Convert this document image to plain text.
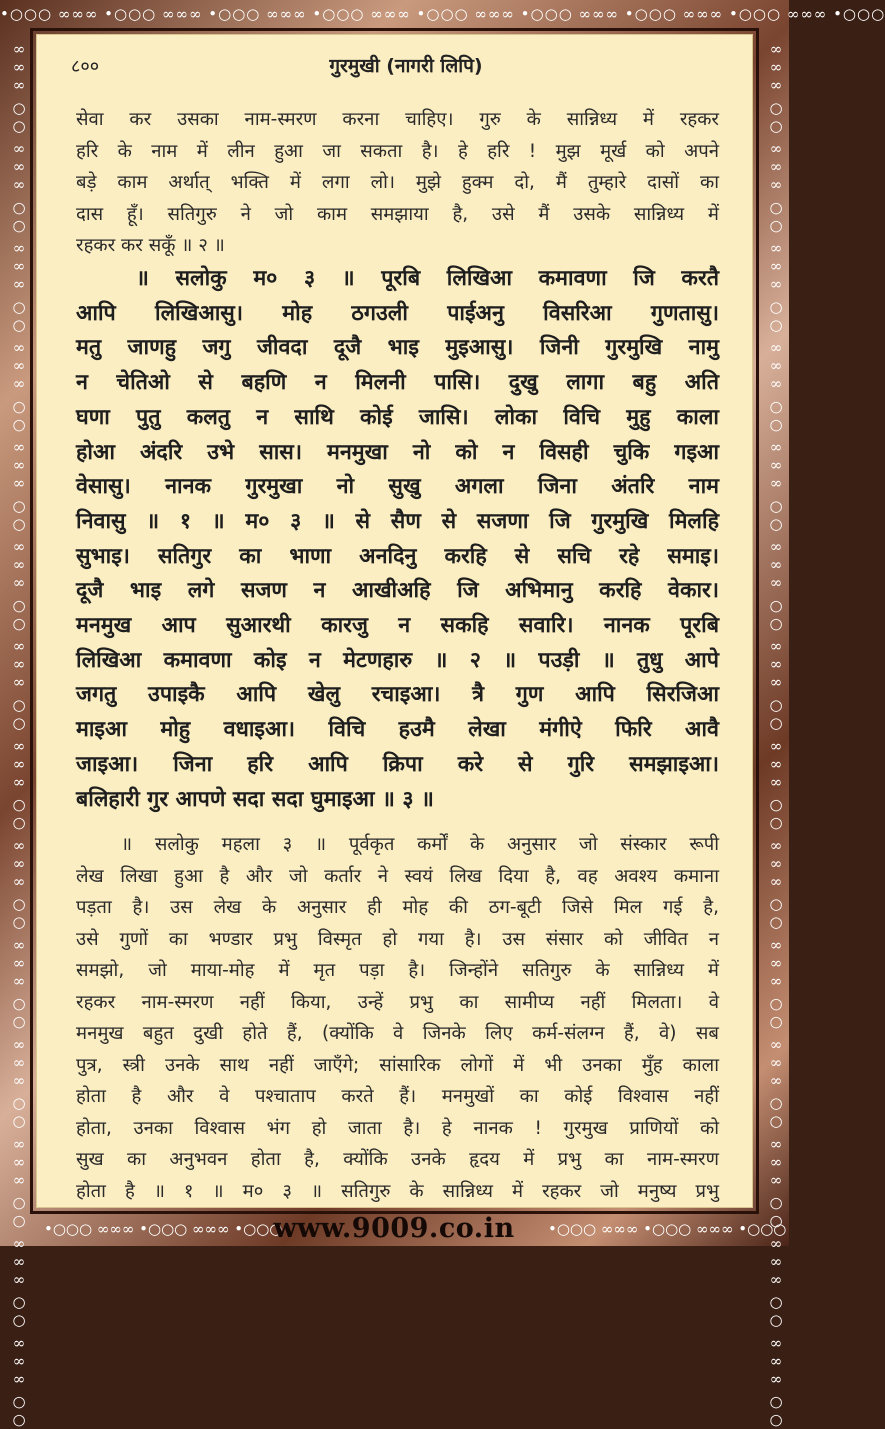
•○○○ ∞∞∞ •○○○ ∞∞∞ •○○○ ∞∞∞ •○○○ ∞∞∞ •○○○ ∞∞∞ •○○○ ∞∞∞ •○○○ ∞∞∞ •○○○ ∞∞∞ •○○○
•○○○ ∞∞∞ •○○○ ∞∞∞ •○○○	•○○○ ∞∞∞ •○○○ ∞∞∞ •○○○
∞∞∞ ○○ ∞∞∞ ○○ ∞∞∞ ○○ ∞∞∞ ○○ ∞∞∞ ○○ ∞∞∞ ○○ ∞∞∞ ○○ ∞∞∞ ○○ ∞∞∞ ○○ ∞∞∞ ○○ ∞∞∞ ○○ ∞∞∞ ○○ ∞∞∞ ○○ ∞∞∞ ○○	∞∞∞ ○○ ∞∞∞ ○○ ∞∞∞ ○○ ∞∞∞ ○○ ∞∞∞ ○○ ∞∞∞ ○○ ∞∞∞ ○○ ∞∞∞ ○○ ∞∞∞ ○○ ∞∞∞ ○○ ∞∞∞ ○○ ∞∞∞ ○○ ∞∞∞ ○○ ∞∞∞ ○○
८००	गुरमुखी (नागरी लिपि)
सेवा कर उसका नाम-स्मरण करना चाहिए। गुरु के सान्निध्य में रहकर
हरि के नाम में लीन हुआ जा सकता है। हे हरि ! मुझ मूर्ख को अपने
बड़े काम अर्थात् भक्ति में लगा लो। मुझे हुक्म दो, मैं तुम्हारे दासों का
दास हूँ। सतिगुरु ने जो काम समझाया है, उसे मैं उसके सान्निध्य में
रहकर कर सकूँ ॥ २ ॥
॥ सलोकु म० ३ ॥ पूरबि लिखिआ कमावणा जि करतै
आपि लिखिआसु। मोह ठगउली पाईअनु विसरिआ गुणतासु।
मतु जाणहु जगु जीवदा दूजै भाइ मुइआसु। जिनी गुरमुखि नामु
न चेतिओ से बहणि न मिलनी पासि। दुखु लागा बहु अति
घणा पुतु कलतु न साथि कोई जासि। लोका विचि मुहु काला
होआ अंदरि उभे सास। मनमुखा नो को न विसही चुकि गइआ
वेसासु। नानक गुरमुखा नो सुखु अगला जिना अंतरि नाम
निवासु ॥ १ ॥ म० ३ ॥ से सैण से सजणा जि गुरमुखि मिलहि
सुभाइ। सतिगुर का भाणा अनदिनु करहि से सचि रहे समाइ।
दूजै भाइ लगे सजण न आखीअहि जि अभिमानु करहि वेकार।
मनमुख आप सुआरथी कारजु न सकहि सवारि। नानक पूरबि
लिखिआ कमावणा कोइ न मेटणहारु ॥ २ ॥ पउड़ी ॥ तुधु आपे
जगतु उपाइकै आपि खेलु रचाइआ। त्रै गुण आपि सिरजिआ
माइआ मोहु वधाइआ। विचि हउमै लेखा मंगीऐ फिरि आवै
जाइआ। जिना हरि आपि क्रिपा करे से गुरि समझाइआ।
बलिहारी गुर आपणे सदा सदा घुमाइआ ॥ ३ ॥
॥ सलोकु महला ३ ॥ पूर्वकृत कर्मों के अनुसार जो संस्कार रूपी
लेख लिखा हुआ है और जो कर्तार ने स्वयं लिख दिया है, वह अवश्य कमाना
पड़ता है। उस लेख के अनुसार ही मोह की ठग-बूटी जिसे मिल गई है,
उसे गुणों का भण्डार प्रभु विस्मृत हो गया है। उस संसार को जीवित न
समझो, जो माया-मोह में मृत पड़ा है। जिन्होंने सतिगुरु के सान्निध्य में
रहकर नाम-स्मरण नहीं किया, उन्हें प्रभु का सामीप्य नहीं मिलता। वे
मनमुख बहुत दुखी होते हैं, (क्योंकि वे जिनके लिए कर्म-संलग्न हैं, वे) सब
पुत्र, स्त्री उनके साथ नहीं जाएँगे; सांसारिक लोगों में भी उनका मुँह काला
होता है और वे पश्चाताप करते हैं। मनमुखों का कोई विश्वास नहीं
होता, उनका विश्वास भंग हो जाता है। हे नानक ! गुरमुख प्राणियों को
सुख का अनुभवन होता है, क्योंकि उनके हृदय में प्रभु का नाम-स्मरण
होता है ॥ १ ॥ म० ३ ॥ सतिगुरु के सान्निध्य में रहकर जो मनुष्य प्रभु
www.9009.co.in
